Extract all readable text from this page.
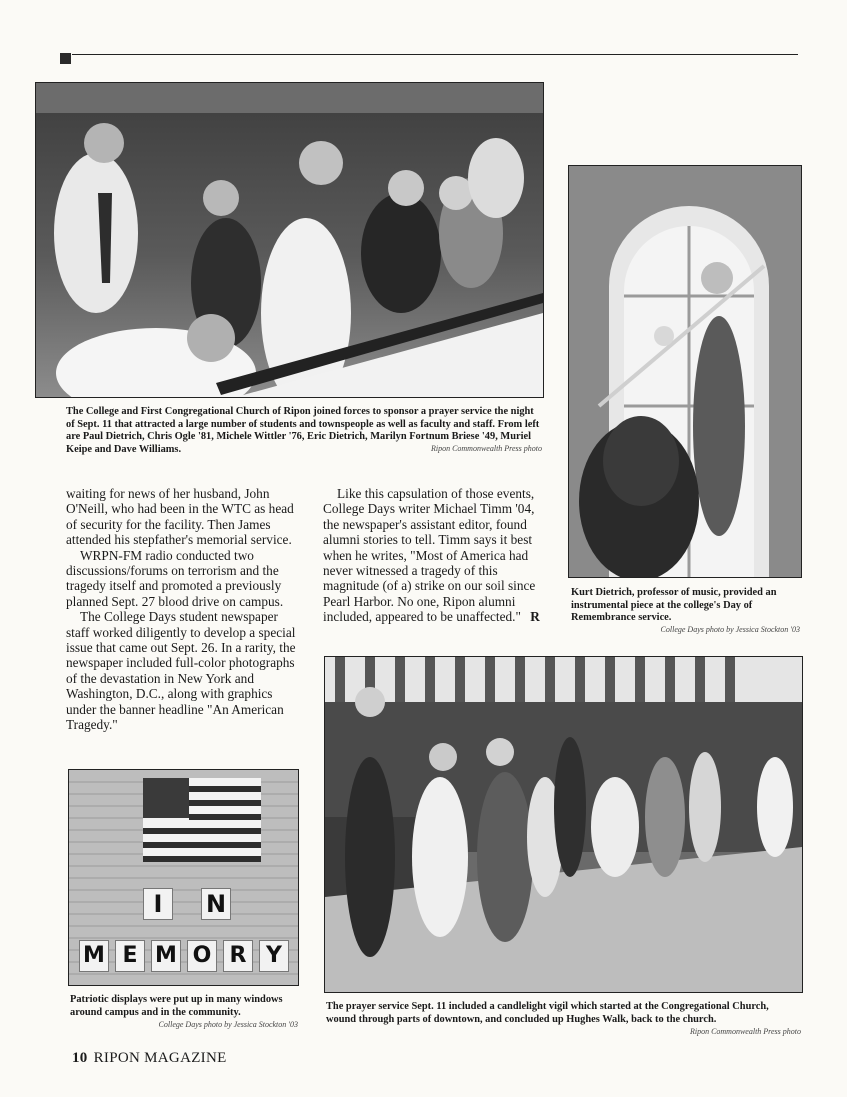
The College and First Congregational Church of Ripon joined forces to sponsor a prayer service the night of Sept. 11 that attracted a large number of students and townspeople as well as faculty and staff. From left are Paul Dietrich, Chris Ogle '81, Michele Wittler '76, Eric Dietrich, Marilyn Fortnum Briese '49, Muriel Keipe and Dave Williams.	Ripon Commonwealth Press photo
Kurt Dietrich, professor of music, provided an instrumental piece at the college's Day of Remembrance service.
College Days photo by Jessica Stockton '03

waiting for news of her husband, John O'Neill, who had been in the WTC as head of security for the facility. Then James attended his stepfather's memorial service.

WRPN-FM radio conducted two discussions/forums on terrorism and the tragedy itself and promoted a previously planned Sept. 27 blood drive on campus.

The College Days student newspaper staff worked diligently to develop a special issue that came out Sept. 26. In a rarity, the newspaper included full-color photographs of the devastation in New York and Washington, D.C., along with graphics under the banner headline "An American Tragedy."

Like this capsulation of those events, College Days writer Michael Timm '04, the newspaper's assistant editor, found alumni stories to tell. Timm says it best when he writes, "Most of America had never witnessed a tragedy of this magnitude (of a) strike on our soil since Pearl Harbor. No one, Ripon alumni included, appeared to be unaffected." R

I	N
M E M O R Y
Patriotic displays were put up in many windows around campus and in the community.
College Days photo by Jessica Stockton '03
The prayer service Sept. 11 included a candlelight vigil which started at the Congregational Church, wound through parts of downtown, and concluded up Hughes Walk, back to the church.
Ripon Commonwealth Press photo
10 RIPON MAGAZINE
